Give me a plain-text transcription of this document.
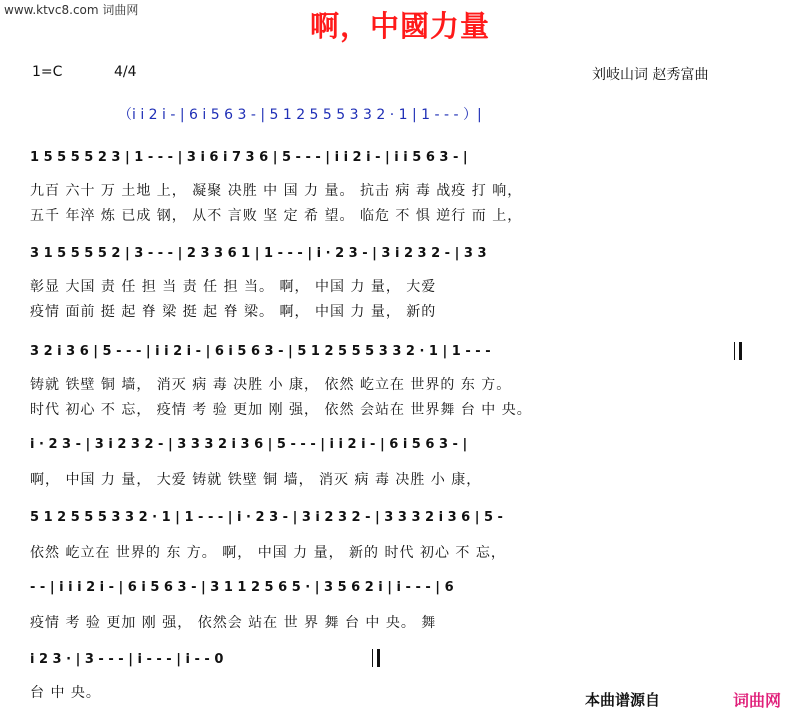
www.ktvc8.com 词曲网	啊，中國力量
1=C	4/4	刘岐山词 赵秀富曲
（i i 2 i - | 6 i 5 6 3 - | 5 1 2 5 5 5 3 3 2 · 1 | 1 - - - ）|
1 5 5 5 5 2 3 | 1 - - - | 3 i 6 i 7 3 6 | 5 - - - | i i 2 i - | i i 5 6 3 - |
九百 六十 万 土地 上， 凝聚 决胜 中 国 力 量。 抗击 病 毒 战疫 打 响，
五千 年淬 炼 已成 钢， 从不 言败 坚 定 希 望。 临危 不 惧 逆行 而 上，
3 1 5 5 5 5 2 | 3 - - - | 2 3 3 6 1 | 1 - - - | i · 2 3 - | 3 i 2 3 2 - | 3 3
彰显 大国 责 任 担 当 责 任 担 当。 啊， 中国 力 量， 大爱
疫情 面前 挺 起 脊 梁 挺 起 脊 梁。 啊， 中国 力 量， 新的
3 2 i 3 6 | 5 - - - | i i 2 i - | 6 i 5 6 3 - | 5 1 2 5 5 5 3 3 2 · 1 | 1 - - -
铸就 铁壁 铜 墙， 消灭 病 毒 决胜 小 康， 依然 屹立在 世界的 东 方。
时代 初心 不 忘， 疫情 考 验 更加 刚 强， 依然 会站在 世界舞 台 中 央。
i · 2 3 - | 3 i 2 3 2 - | 3 3 3 2 i 3 6 | 5 - - - | i i 2 i - | 6 i 5 6 3 - |
啊， 中国 力 量， 大爱 铸就 铁壁 铜 墙， 消灭 病 毒 决胜 小 康，
5 1 2 5 5 5 3 3 2 · 1 | 1 - - - | i · 2 3 - | 3 i 2 3 2 - | 3 3 3 2 i 3 6 | 5 -
依然 屹立在 世界的 东 方。 啊， 中国 力 量， 新的 时代 初心 不 忘，
- - | i i i 2 i - | 6 i 5 6 3 - | 3 1 1 2 5 6 5 · | 3 5 6 2 i | i - - - | 6
疫情 考 验 更加 刚 强， 依然会 站在 世 界 舞 台 中 央。 舞
i 2 3 · | 3 - - - | i - - - | i - - 0
台 中 央。	本曲谱源自	词曲网
